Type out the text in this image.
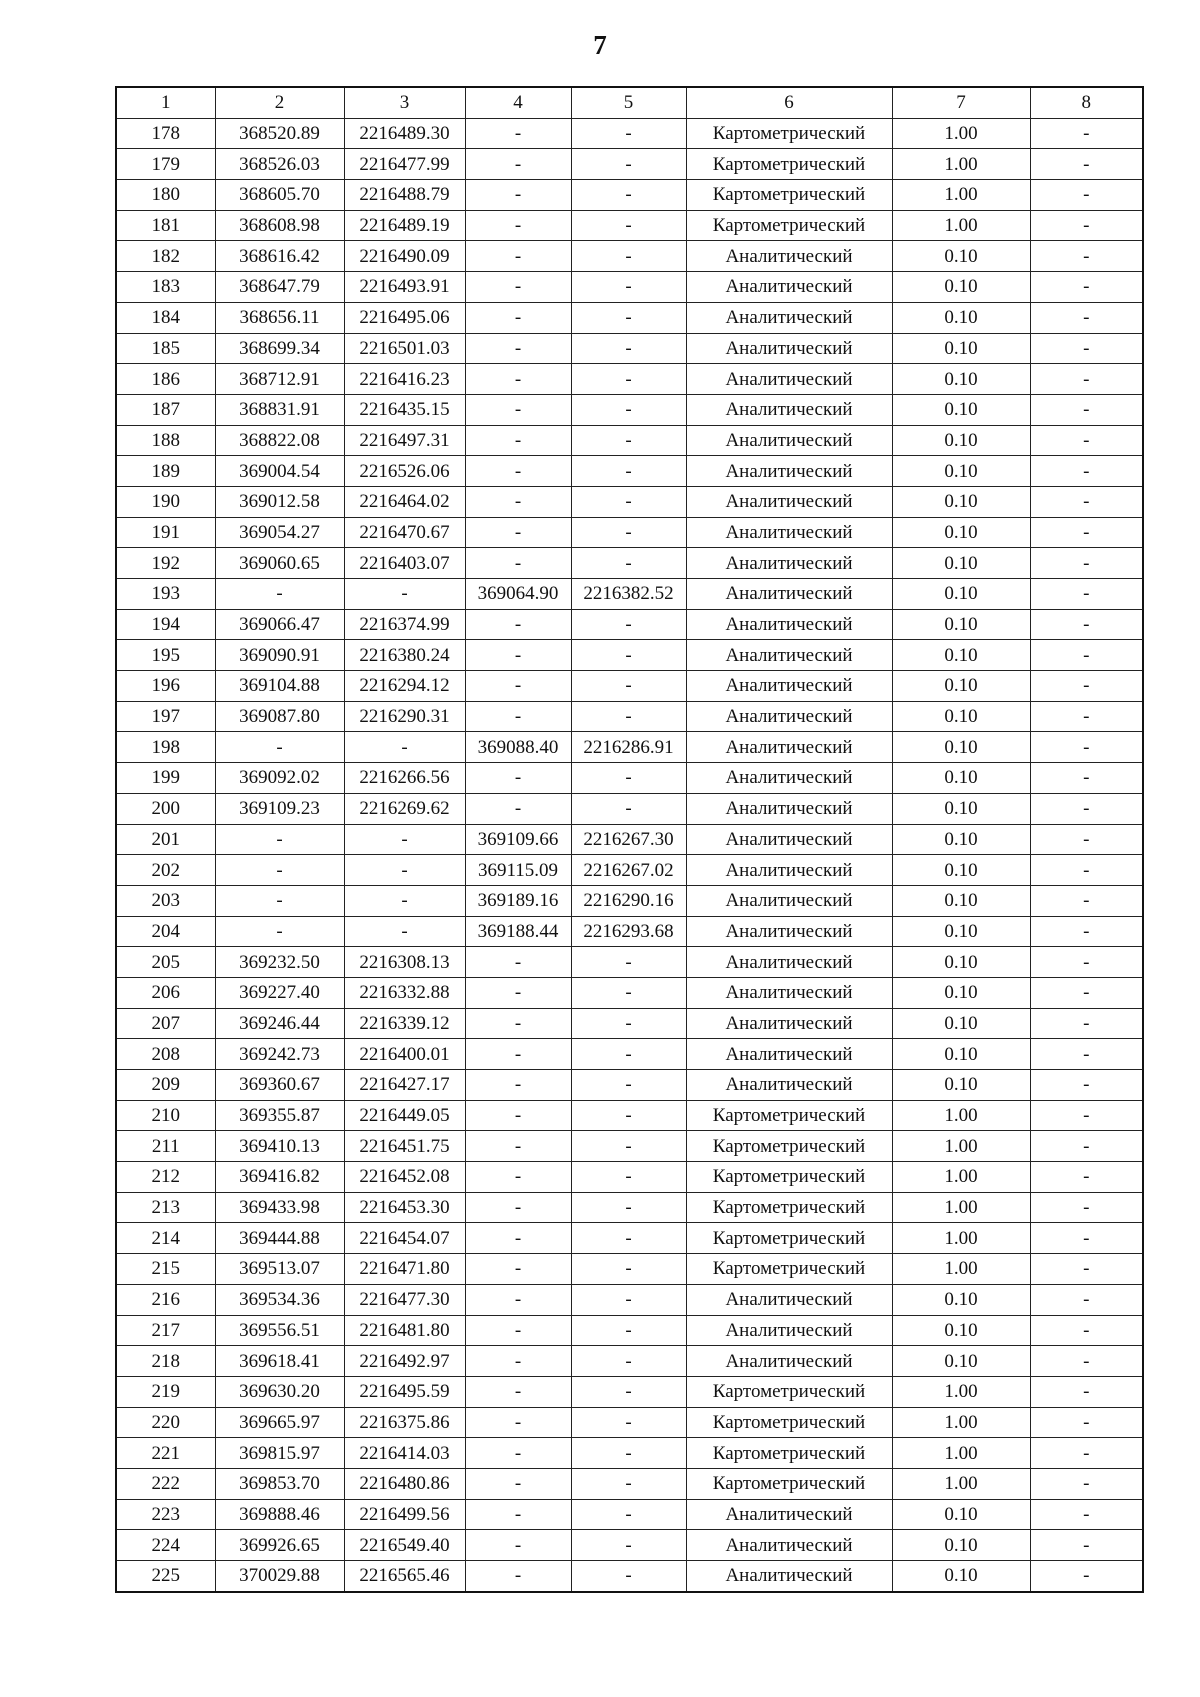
7
1	2	3	4	5	6	7	8
178	368520.89	2216489.30	-	-	Картометрический	1.00	-
179	368526.03	2216477.99	-	-	Картометрический	1.00	-
180	368605.70	2216488.79	-	-	Картометрический	1.00	-
181	368608.98	2216489.19	-	-	Картометрический	1.00	-
182	368616.42	2216490.09	-	-	Аналитический	0.10	-
183	368647.79	2216493.91	-	-	Аналитический	0.10	-
184	368656.11	2216495.06	-	-	Аналитический	0.10	-
185	368699.34	2216501.03	-	-	Аналитический	0.10	-
186	368712.91	2216416.23	-	-	Аналитический	0.10	-
187	368831.91	2216435.15	-	-	Аналитический	0.10	-
188	368822.08	2216497.31	-	-	Аналитический	0.10	-
189	369004.54	2216526.06	-	-	Аналитический	0.10	-
190	369012.58	2216464.02	-	-	Аналитический	0.10	-
191	369054.27	2216470.67	-	-	Аналитический	0.10	-
192	369060.65	2216403.07	-	-	Аналитический	0.10	-
193	-	-	369064.90	2216382.52	Аналитический	0.10	-
194	369066.47	2216374.99	-	-	Аналитический	0.10	-
195	369090.91	2216380.24	-	-	Аналитический	0.10	-
196	369104.88	2216294.12	-	-	Аналитический	0.10	-
197	369087.80	2216290.31	-	-	Аналитический	0.10	-
198	-	-	369088.40	2216286.91	Аналитический	0.10	-
199	369092.02	2216266.56	-	-	Аналитический	0.10	-
200	369109.23	2216269.62	-	-	Аналитический	0.10	-
201	-	-	369109.66	2216267.30	Аналитический	0.10	-
202	-	-	369115.09	2216267.02	Аналитический	0.10	-
203	-	-	369189.16	2216290.16	Аналитический	0.10	-
204	-	-	369188.44	2216293.68	Аналитический	0.10	-
205	369232.50	2216308.13	-	-	Аналитический	0.10	-
206	369227.40	2216332.88	-	-	Аналитический	0.10	-
207	369246.44	2216339.12	-	-	Аналитический	0.10	-
208	369242.73	2216400.01	-	-	Аналитический	0.10	-
209	369360.67	2216427.17	-	-	Аналитический	0.10	-
210	369355.87	2216449.05	-	-	Картометрический	1.00	-
211	369410.13	2216451.75	-	-	Картометрический	1.00	-
212	369416.82	2216452.08	-	-	Картометрический	1.00	-
213	369433.98	2216453.30	-	-	Картометрический	1.00	-
214	369444.88	2216454.07	-	-	Картометрический	1.00	-
215	369513.07	2216471.80	-	-	Картометрический	1.00	-
216	369534.36	2216477.30	-	-	Аналитический	0.10	-
217	369556.51	2216481.80	-	-	Аналитический	0.10	-
218	369618.41	2216492.97	-	-	Аналитический	0.10	-
219	369630.20	2216495.59	-	-	Картометрический	1.00	-
220	369665.97	2216375.86	-	-	Картометрический	1.00	-
221	369815.97	2216414.03	-	-	Картометрический	1.00	-
222	369853.70	2216480.86	-	-	Картометрический	1.00	-
223	369888.46	2216499.56	-	-	Аналитический	0.10	-
224	369926.65	2216549.40	-	-	Аналитический	0.10	-
225	370029.88	2216565.46	-	-	Аналитический	0.10	-
